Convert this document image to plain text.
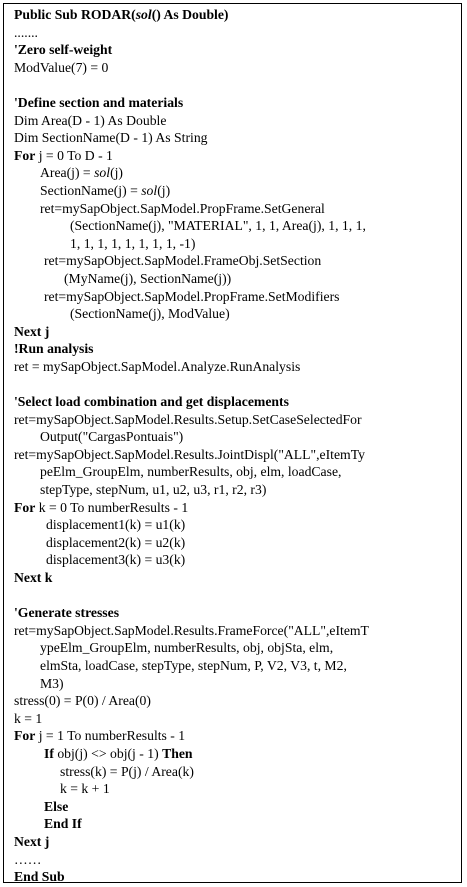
Public Sub RODAR(sol() As Double)
.......
'Zero self-weight
ModValue(7) = 0
'Define section and materials
Dim Area(D - 1) As Double
Dim SectionName(D - 1) As String
For j = 0 To D - 1
Area(j) = sol(j)
SectionName(j) = sol(j)
ret=mySapObject.SapModel.PropFrame.SetGeneral
(SectionName(j), "MATERIAL", 1, 1, Area(j), 1, 1, 1,
1, 1, 1, 1, 1, 1, 1, 1, -1)
ret=mySapObject.SapModel.FrameObj.SetSection
(MyName(j), SectionName(j))
ret=mySapObject.SapModel.PropFrame.SetModifiers
(SectionName(j), ModValue)
Next j
!Run analysis
ret = mySapObject.SapModel.Analyze.RunAnalysis
'Select load combination and get displacements
ret=mySapObject.SapModel.Results.Setup.SetCaseSelectedFor
Output("CargasPontuais")
ret=mySapObject.SapModel.Results.JointDispl("ALL",eItemTy
peElm_GroupElm, numberResults, obj, elm, loadCase,
stepType, stepNum, u1, u2, u3, r1, r2, r3)
For k = 0 To numberResults - 1
displacement1(k) = u1(k)
displacement2(k) = u2(k)
displacement3(k) = u3(k)
Next k
'Generate stresses
ret=mySapObject.SapModel.Results.FrameForce("ALL",eItemT
ypeElm_GroupElm, numberResults, obj, objSta, elm,
elmSta, loadCase, stepType, stepNum, P, V2, V3, t, M2,
M3)
stress(0) = P(0) / Area(0)
k = 1
For j = 1 To numberResults - 1
If obj(j) <> obj(j - 1) Then
stress(k) = P(j) / Area(k)
k = k + 1
Else
End If
Next j
……
End Sub
